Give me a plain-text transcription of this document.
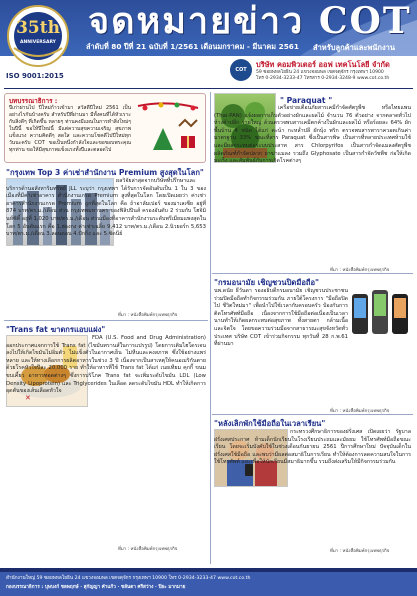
35th
ANNIVERSARY
จดหมายข่าว COT
ลำดับที่ 80 ปีที่ 21 ฉบับที่ 1/2561 เดือนมกราคม - มีนาคม 2561 สำหรับลูกค้าและพนักงาน
ISO 9001:2015
COT
บริษัท คอมพิวเตอร์ ออฟ เทคโนโลยี จำกัด
59 ซอยพหลโยธิน 24 แขวงจอมพล เขตจตุจักร กรุงเทพฯ 10900
โทร 0-2934-3233-47 โทรสาร 0-2934-3248-9 www.cot.co.th
บทบรรณาธิการ :
ปีเก่าผ่านไป ปีใหม่ก้าวเข้ามา สวัสดีปีใหม่ 2561 เป็นอย่างไรกันบ้างครับ สำหรับปีที่ผ่านมา มีทั้งคนที่ได้หัวเราะกับสิ่งดีๆ ที่เกิดขึ้น หลายๆ ท่านคงมีแผนในการทำสิ่งใหม่ๆ ในปีนี้ ขอให้ปีใหม่นี้ มีแต่ความสุขความเจริญ สุขภาพแข็งแรง ความคิดดีๆ สดใส และความโชคดีไปปีใหม่ทุกวันนะครับ COT ขอเป็นหนึ่งกำลังใจและขอขอบพระคุณทุกท่าน ขอให้มีสุขภาพแข็งแรงทั้งปีและตลอดไป
"กรุงเทพ Top 3 ค่าเช่าสำนักงาน Premium สูงสุดในโลก"
ผลวิจัยล่าสุดจากบริษัทที่ปรึกษาและบริการด้านอสังหาริมทรัพย์ JLL ระบุว่า กรุงเทพฯ ได้รับการจัดอันดับเป็น 1 ใน 3 ของเมืองที่มีค่าเช่าอาคาร สำนักงานเกรด Premium สูงที่สุดในโลก โดยเปิดเผยว่า ค่าเช่าอาคารสำนักงานเกรด Premium ถูกที่สุดในโลก คือ ถ้าอาลัมเปอร์ ของมาเลเซีย อยู่ที่ 874 บาท/ตร.ม./เดือน ส่วน กรุงเทพมหานคร ของฟิลิปปินส์ ครองอันดับ 2 ร่วมกับ โฮจิมินห์ซิตี้ อยู่ที่ 1,020 บาท/ตร.ม./เดือน ส่วนเมืองที่อาคารสำนักงานระดับพรีเมียมแพงสุดในโลก 5 อันดับแรก คือ 1.ฮ่องกง ค่าเช่าเฉลี่ย 9,412 บาท/ตร.ม./เดือน 2.นิวยอร์ก 5,653 บาท/ตร.ม./เดือน 3.ลอนดอน 4.ปักกิ่ง และ 5.ซิดนีย์
ที่มา : หนังสือพิมพ์กรุงเทพธุรกิจ
"Trans fat ฆาตกรแอบแฝง"
✕
FDA (U.S. Food and Drug Administration) ออกประกาศแจกการใช้ Trans fat (ไขมันทรานส์ในการแปรรูป) โดยการเติมไฮโดรเจนลงไปให้เกิดไขมันไม่อิ่มตัว ไม่แข็งตัวในอากาศเย็น ไม่หืนและคงสภาพ ซึ่งใช้อย่างแพร่หลาย และให้ทางเลือกการผลิตอาหารในช่วง 3 ปี เนื่องจากเป็นสาเหตุให้คนอเมริกันตายด้วยโรคหัวใจปีละ 20,000 ราย ทำให้อาหารที่ใช้ Trans fat ได้แก่ เนยเทียม คุกกี้ ขนมขบเคี้ยว อาหารทอดต่างๆ ซึ่งการบริโภค Trans fat จะเพิ่มระดับไขมัน LDL (Low Density Lipoprotein) และ Triglycerides ในเลือด ลดระดับไขมัน HDL ทำให้เกิดการอุดตันของเส้นเลือดหัวใจ
ที่มา : หนังสือพิมพ์กรุงเทพธุรกิจ
" Paraquat "
เครือข่ายเตือนภัยสารเคมีกำจัดศัตรูพืช หรือไทยแพน (Thai-PAN) แจ้งผลการเก็บตัวอย่างผักและผลไม้ จำนวน 76 ตัวอย่าง จากตลาดทั่วไป ห้างค้าปลีก รายใหญ่ ล้วนตรวจพบสารเคมีตกค้างในผักและผลไม้ หรือร้อยละ 64% ผักพื้นบ้าน 4 ชนิด ได้แก่ คะน้า กะหล่ำปลี ผักบุ้ง พริก ตรวจพบสารพาราควอตเกินค่ามาตรฐาน 33% ขณะที่สาร Paraquat ซึ่งเป็นสารพิษ เป็นสารที่หลายประเทศห้ามใช้ และมีผลกระทบต่อระบบประสาท สาร Chlorpyrifos เป็นสารกำจัดแมลงศัตรูพืช ผลิตภัณฑ์กำจัดปลวก ยาฆ่าแมลง รวมถึง Glyphosate เป็นสารกำจัดวัชพืช ก่อให้เกิดมะเร็ง และสัมพันธ์กับการเกิดโรคต่างๆ
ที่มา : หนังสือพิมพ์กรุงเทพธุรกิจ
"กรมอนามัย เชิญชวนปิดมือถือ"
นพ.ดนัย ธีวันดา รองอธิบดีกรมอนามัย เชิญชวนประชาชนร่วมปิดมือถือทำกิจกรรมร่วมกัน ภายใต้โครงการ "มือถือปิดไป ชีวิตใหม่มา" เพื่อนำไปใช้เวลากับครอบครัว ป้องกันการติดโทรศัพท์มือถือ เนื่องจากการใช้มือถือต่อเนื่องเป็นเวลานานทำให้เกิดผลกระทบต่อสุขภาพ ทั้งสายตา กล้ามเนื้อ และจิตใจ โดยขอความร่วมมือจากสาธารณะสุขจังหวัดทั่วประเทศ บริษัท COT เข้าร่วมกิจกรรม ทุกวันที่ 28 ก.พ.61 ที่ผ่านมา
ที่มา : หนังสือพิมพ์กรุงเทพธุรกิจ
"หลังเลิกพักใช้มือถือในเวลาเรียน"
กระทรวงศึกษาธิการของฝรั่งเศส เปิดเผยว่า รัฐบาลฝรั่งเศสประกาศ ห้ามเด็กนักเรียนในโรงเรียนประถมและมัธยม ใช้โทรศัพท์มือถือขณะเรียน โดยจะเริ่มบังคับใช้ในช่วงเดือนกันยายน 2561 ปีการศึกษาใหม่ ปัจจุบันเด็กในฝรั่งเศสใช้มือถือ และพบว่ามีผลต่อสมาธิในการเรียน ทำให้ต้องการลดความสนใจในการใช้โทรศัพท์ และเพื่อให้นักเรียนมีสมาธิมากขึ้น รวมถึงส่งเสริมให้มีกิจกรรมร่วมกัน
ที่มา : หนังสือพิมพ์กรุงเทพธุรกิจ
สำนักงานใหญ่ 59 ซอยพหลโยธิน 24 แขวงจอมพล เขตจตุจักร กรุงเทพฯ 10900 โทร 0-2934-3233-47 www.cot.co.th
กองบรรณาธิการ : บุษบงก์ ชลพฤกษ์ · สุกัญญา คำแก้ว · ชลันดา ศรีสว่าง · ปิยะ มากมาย
